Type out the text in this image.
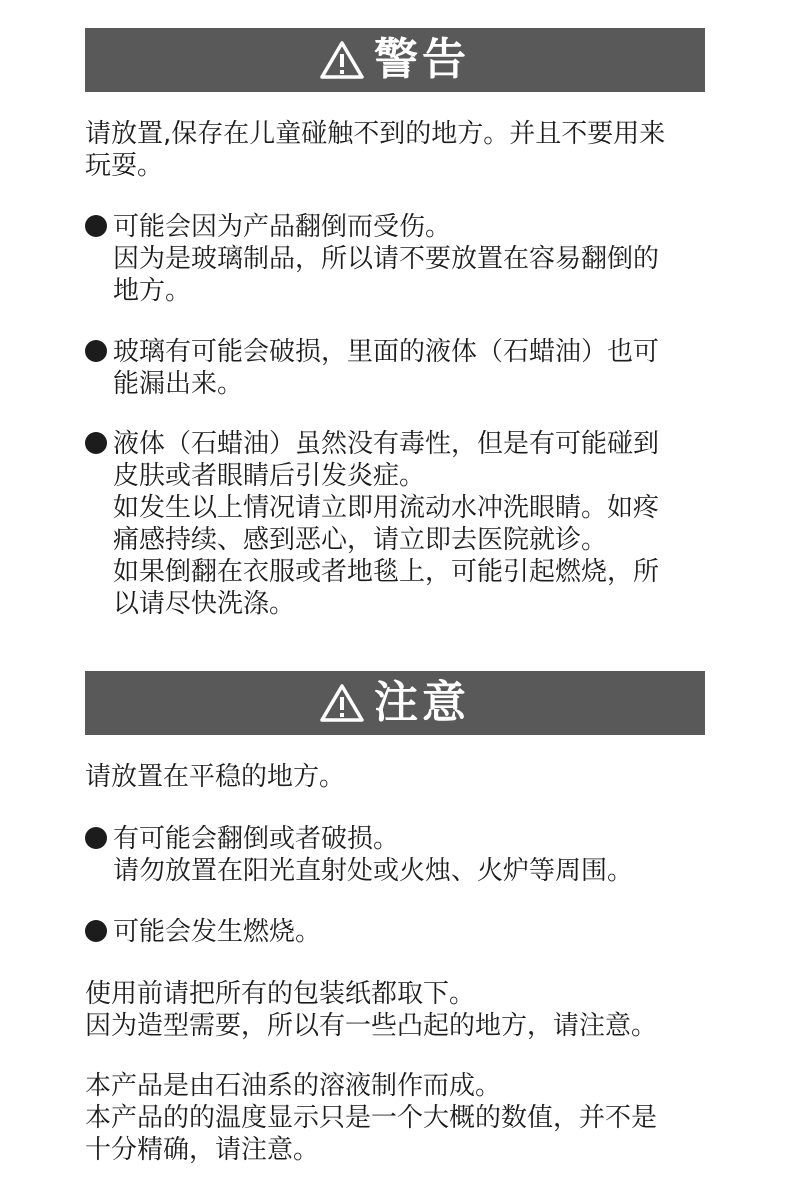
警告
请放置,保存在儿童碰触不到的地方。并且不要用来
玩耍。
可能会因为产品翻倒而受伤。
因为是玻璃制品，所以请不要放置在容易翻倒的
地方。
玻璃有可能会破损，里面的液体（石蜡油）也可
能漏出来。
液体（石蜡油）虽然没有毒性，但是有可能碰到
皮肤或者眼睛后引发炎症。
如发生以上情况请立即用流动水冲洗眼睛。如疼
痛感持续、感到恶心，请立即去医院就诊。
如果倒翻在衣服或者地毯上，可能引起燃烧，所
以请尽快洗涤。
注意
请放置在平稳的地方。
有可能会翻倒或者破损。
请勿放置在阳光直射处或火烛、火炉等周围。
可能会发生燃烧。
使用前请把所有的包装纸都取下。
因为造型需要，所以有一些凸起的地方，请注意。
本产品是由石油系的溶液制作而成。
本产品的的温度显示只是一个大概的数值，并不是
十分精确，请注意。
